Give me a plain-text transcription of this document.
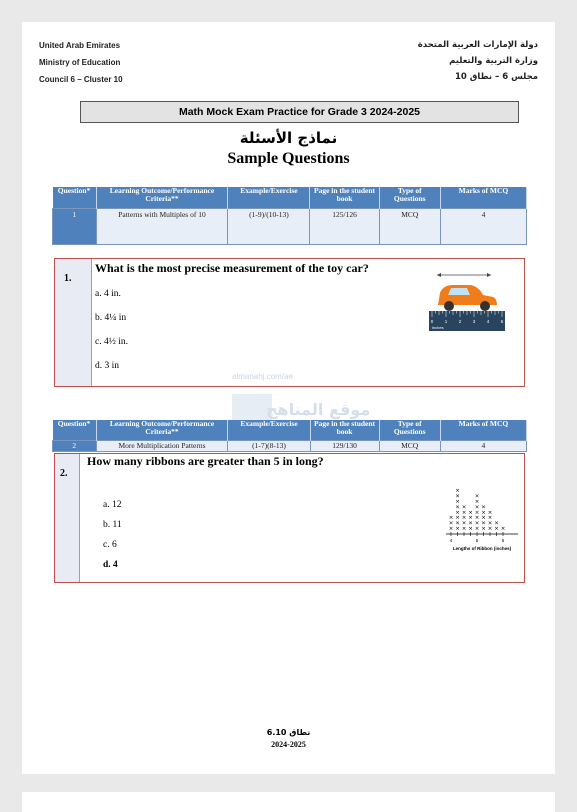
United Arab Emirates
Ministry of Education
Council 6 – Cluster 10
دولة الإمارات العربية المتحدة
وزارة التربية والتعليم
مجلس 6 – نطاق 10
Math Mock Exam Practice for Grade 3 2024-2025
نماذج الأسئلة
Sample Questions
Question*	Learning Outcome/Performance Criteria**	Example/Exercise	Page in the student book	Type of Questions	Marks of MCQ
1	Patterns with Multiples of 10	(1-9)/(10-13)	125/126	MCQ	4
1.
What is the most precise measurement of the toy car?
a. 4 in.
b. 4¼ in
c. 4½ in.
d. 3 in
0	1	2	3	4	5
inches
almanahj.com/ae
موقع المناهج
Question*	Learning Outcome/Performance Criteria**	Example/Exercise	Page in the student book	Type of Questions	Marks of MCQ
2	More Multiplication Patterns	(1-7)(8-13)	129/130	MCQ	4
2.
How many ribbons are greater than 5 in long?
a. 12
b. 11
c. 6
d. 4
×
×
×
×
×
×
×
×
×
×
×
×
×
×
×
×
×
×
×
×
×
×
×
×
×
×
×
×
×
×
×
×
×
×
×
×
×
×
×
4	5	6
Lengths of Ribbon (inches)
نطاق 6.10
2024-2025
